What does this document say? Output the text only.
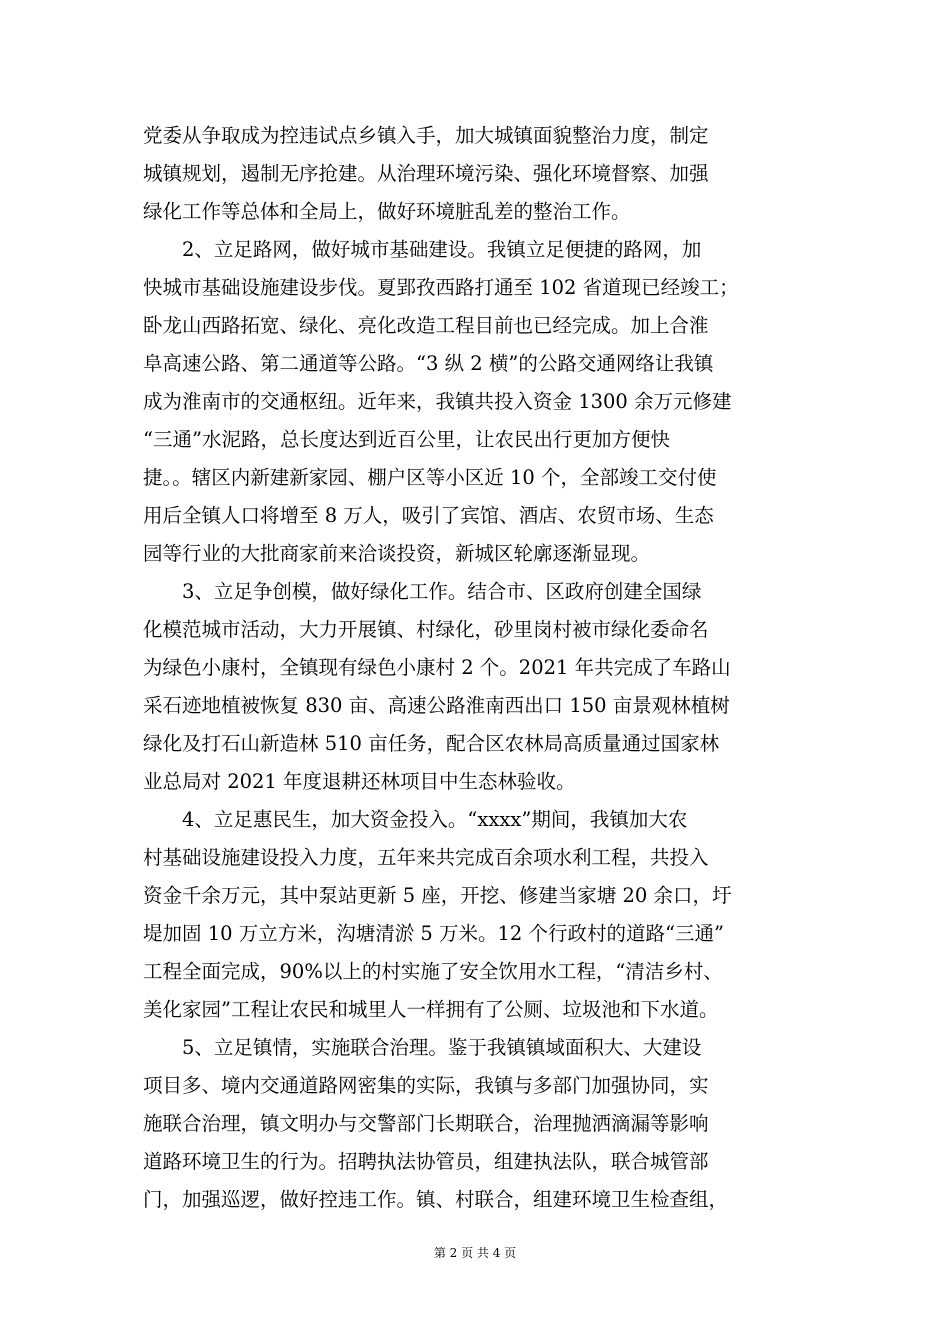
党委从争取成为控违试点乡镇入手，加大城镇面貌整治力度，制定
城镇规划，遏制无序抢建。从治理环境污染、强化环境督察、加强
绿化工作等总体和全局上，做好环境脏乱差的整治工作。
2、立足路网，做好城市基础建设。我镇立足便捷的路网，加
快城市基础设施建设步伐。夏郢孜西路打通至 102 省道现已经竣工；
卧龙山西路拓宽、绿化、亮化改造工程目前也已经完成。加上合淮
阜高速公路、第二通道等公路。“3 纵 2 横”的公路交通网络让我镇
成为淮南市的交通枢纽。近年来，我镇共投入资金 1300 余万元修建
“三通”水泥路，总长度达到近百公里，让农民出行更加方便快
捷。。辖区内新建新家园、棚户区等小区近 10 个，全部竣工交付使
用后全镇人口将增至 8 万人，吸引了宾馆、酒店、农贸市场、生态
园等行业的大批商家前来洽谈投资，新城区轮廓逐渐显现。
3、立足争创模，做好绿化工作。结合市、区政府创建全国绿
化模范城市活动，大力开展镇、村绿化，砂里岗村被市绿化委命名
为绿色小康村，全镇现有绿色小康村 2 个。2021 年共完成了车路山
采石迹地植被恢复 830 亩、高速公路淮南西出口 150 亩景观林植树
绿化及打石山新造林 510 亩任务，配合区农林局高质量通过国家林
业总局对 2021 年度退耕还林项目中生态林验收。
4、立足惠民生，加大资金投入。“xxxx”期间，我镇加大农
村基础设施建设投入力度，五年来共完成百余项水利工程，共投入
资金千余万元，其中泵站更新 5 座，开挖、修建当家塘 20 余口，圩
堤加固 10 万立方米，沟塘清淤 5 万米。12 个行政村的道路“三通”
工程全面完成，90%以上的村实施了安全饮用水工程，“清洁乡村、
美化家园”工程让农民和城里人一样拥有了公厕、垃圾池和下水道。
5、立足镇情，实施联合治理。鉴于我镇镇域面积大、大建设
项目多、境内交通道路网密集的实际，我镇与多部门加强协同，实
施联合治理，镇文明办与交警部门长期联合，治理抛洒滴漏等影响
道路环境卫生的行为。招聘执法协管员，组建执法队，联合城管部
门，加强巡逻，做好控违工作。镇、村联合，组建环境卫生检查组，
第 2 页 共 4 页
